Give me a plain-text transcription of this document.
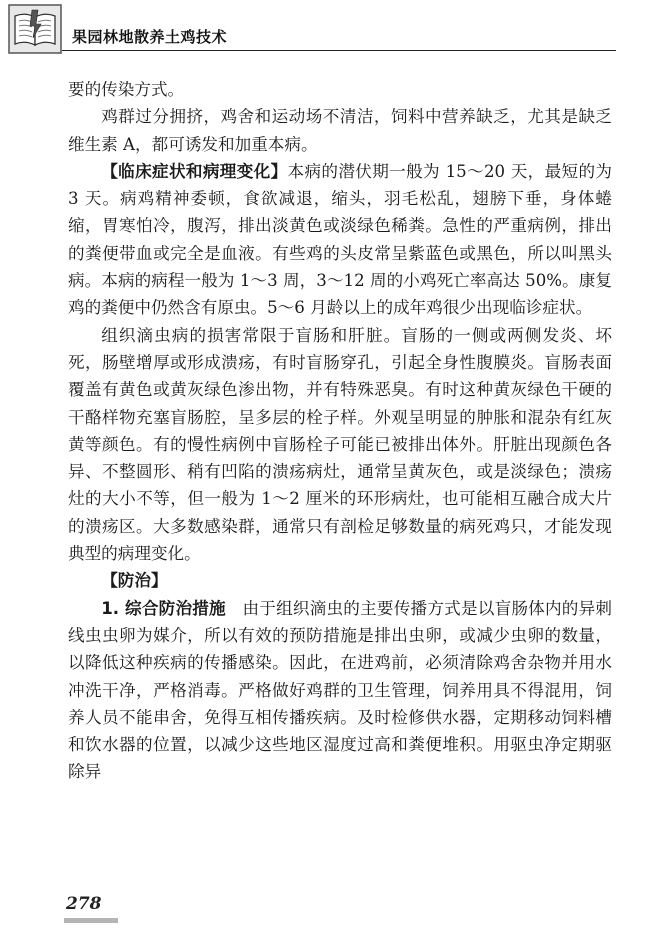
果园林地散养土鸡技术

要的传染方式。

鸡群过分拥挤，鸡舍和运动场不清洁，饲料中营养缺乏，尤其是缺乏维生素 A，都可诱发和加重本病。

【临床症状和病理变化】本病的潜伏期一般为 15～20 天，最短的为 3 天。病鸡精神委顿，食欲减退，缩头，羽毛松乱，翅膀下垂，身体蜷缩，胃寒怕冷，腹泻，排出淡黄色或淡绿色稀粪。急性的严重病例，排出的粪便带血或完全是血液。有些鸡的头皮常呈紫蓝色或黑色，所以叫黑头病。本病的病程一般为 1～3 周，3～12 周的小鸡死亡率高达 50%。康复鸡的粪便中仍然含有原虫。5～6 月龄以上的成年鸡很少出现临诊症状。

组织滴虫病的损害常限于盲肠和肝脏。盲肠的一侧或两侧发炎、坏死，肠壁增厚或形成溃疡，有时盲肠穿孔，引起全身性腹膜炎。盲肠表面覆盖有黄色或黄灰绿色渗出物，并有特殊恶臭。有时这种黄灰绿色干硬的干酪样物充塞盲肠腔，呈多层的栓子样。外观呈明显的肿胀和混杂有红灰黄等颜色。有的慢性病例中盲肠栓子可能已被排出体外。肝脏出现颜色各异、不整圆形、稍有凹陷的溃疡病灶，通常呈黄灰色，或是淡绿色；溃疡灶的大小不等，但一般为 1～2 厘米的环形病灶，也可能相互融合成大片的溃疡区。大多数感染群，通常只有剖检足够数量的病死鸡只，才能发现典型的病理变化。

【防治】

1. 综合防治措施 由于组织滴虫的主要传播方式是以盲肠体内的异刺线虫虫卵为媒介，所以有效的预防措施是排出虫卵，或减少虫卵的数量，以降低这种疾病的传播感染。因此，在进鸡前，必须清除鸡舍杂物并用水冲洗干净，严格消毒。严格做好鸡群的卫生管理，饲养用具不得混用，饲养人员不能串舍，免得互相传播疾病。及时检修供水器，定期移动饲料槽和饮水器的位置，以减少这些地区湿度过高和粪便堆积。用驱虫净定期驱除异

278
